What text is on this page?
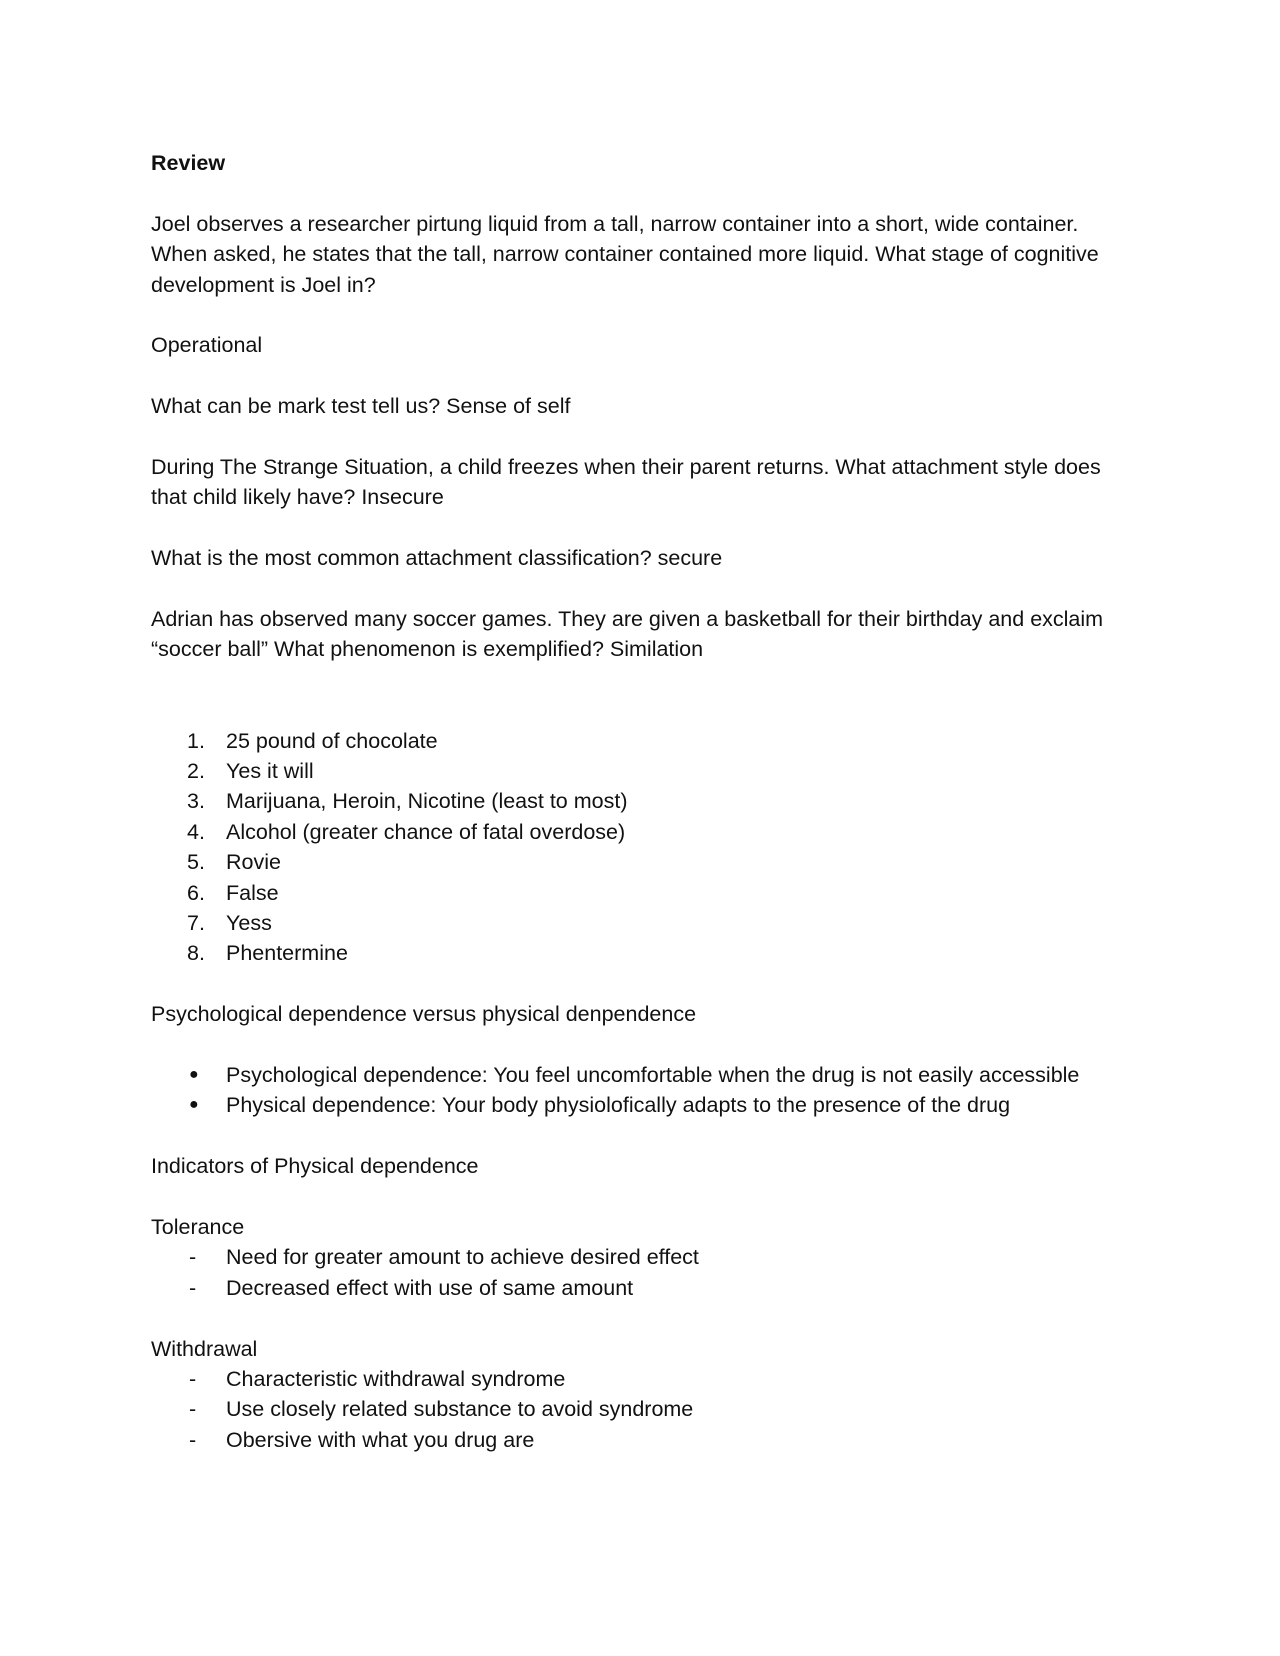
Review

Joel observes a researcher pirtung liquid from a tall, narrow container into a short, wide container. When asked, he states that the tall, narrow container contained more liquid. What stage of cognitive development is Joel in?

Operational

What can be mark test tell us? Sense of self

During The Strange Situation, a child freezes when their parent returns. What attachment style does that child likely have? Insecure

What is the most common attachment classification? secure

Adrian has observed many soccer games. They are given a basketball for their birthday and exclaim “soccer ball” What phenomenon is exemplified? Similation

1. 25 pound of chocolate
2. Yes it will
3. Marijuana, Heroin, Nicotine (least to most)
4. Alcohol (greater chance of fatal overdose)
5. Rovie
6. False
7. Yess
8. Phentermine

Psychological dependence versus physical denpendence

● Psychological dependence: You feel uncomfortable when the drug is not easily accessible
● Physical dependence: Your body physiolofically adapts to the presence of the drug

Indicators of Physical dependence

Tolerance

- Need for greater amount to achieve desired effect
- Decreased effect with use of same amount

Withdrawal

- Characteristic withdrawal syndrome
- Use closely related substance to avoid syndrome
- Obersive with what you drug are
